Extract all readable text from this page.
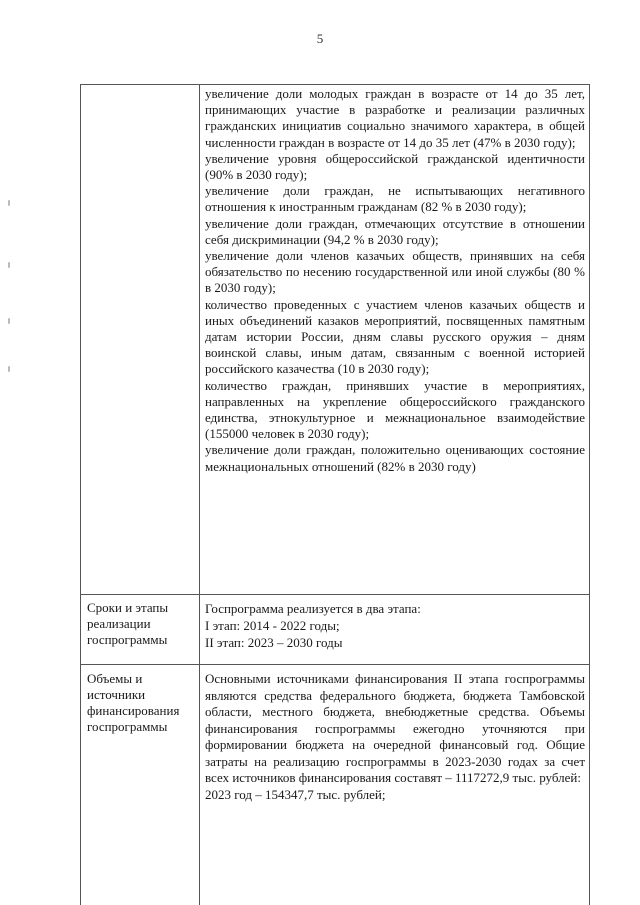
5

увеличение доли молодых граждан в возрасте от 14 до 35 лет, принимающих участие в разработке и реализации различных гражданских инициатив социально значимого характера, в общей численности граждан в возрасте от 14 до 35 лет (47% в 2030 году);

увеличение уровня общероссийской гражданской идентичности (90% в 2030 году);

увеличение доли граждан, не испытывающих негативного отношения к иностранным гражданам (82 % в 2030 году);

увеличение доли граждан, отмечающих отсутствие в отношении себя дискриминации (94,2 % в 2030 году);

увеличение доли членов казачьих обществ, принявших на себя обязательство по несению государственной или иной службы (80 % в 2030 году);

количество проведенных с участием членов казачьих обществ и иных объединений казаков мероприятий, посвященных памятным датам истории России, дням славы русского оружия – дням воинской славы, иным датам, связанным с военной историей российского казачества (10 в 2030 году);

количество граждан, принявших участие в мероприятиях, направленных на укрепление общероссийского гражданского единства, этнокультурное и межнациональное взаимодействие (155000 человек в 2030 году);

увеличение доли граждан, положительно оценивающих состояние межнациональных отношений (82% в 2030 году)

Сроки и этапы реализации госпрограммы

Госпрограмма реализуется в два этапа:

I этап: 2014 - 2022 годы;

II этап: 2023 – 2030 годы

Объемы и источники финансирования госпрограммы

Основными источниками финансирования II этапа госпрограммы являются средства федерального бюджета, бюджета Тамбовской области, местного бюджета, внебюджетные средства. Объемы финансирования госпрограммы ежегодно уточняются при формировании бюджета на очередной финансовый год. Общие затраты на реализацию госпрограммы в 2023-2030 годах за счет всех источников финансирования составят – 1117272,9 тыс. рублей:

2023 год – 154347,7 тыс. рублей;
